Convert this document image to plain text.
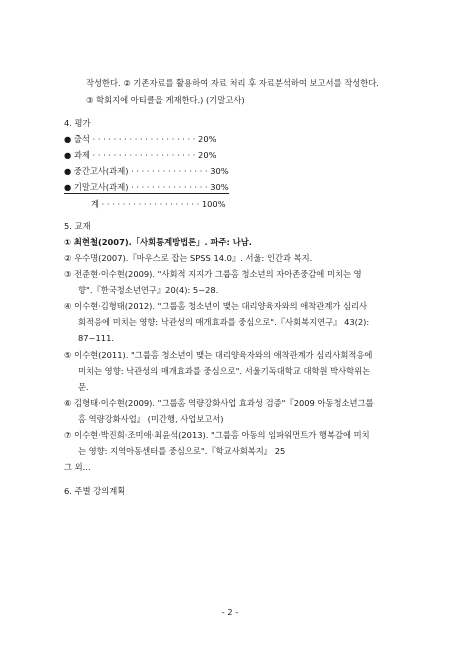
작성한다. ② 기존자료를 활용하여 자료 처리 후 자료분석하여 보고서를 작성한다.
③ 학회지에 아티클을 게재한다.) (기말고사)
4. 평가
● 출석 · · · · · · · · · · · · · · · · · · · · 20%
● 과제 · · · · · · · · · · · · · · · · · · · · 20%
● 중간고사(과제) · · · · · · · · · · · · · · · 30%
● 기말고사(과제) · · · · · · · · · · · · · · · 30%
계 · · · · · · · · · · · · · · · · · · · 100%
5. 교재
① 최현철(2007).「사회통계방법론」. 파주: 나남.
② 우수명(2007).『마우스로 잡는 SPSS 14.0』. 서울: 인간과 복지.
③ 전준현·이수현(2009). "사회적 지지가 그룹홈 청소년의 자아존중감에 미치는 영
향".『한국청소년연구』20(4): 5~28.
④ 이수현·김형태(2012). "그룹홈 청소년이 맺는 대리양육자와의 애착관계가 심리사
회적응에 미치는 영향: 낙관성의 매개효과를 중심으로".『사회복지연구』 43(2):
87~111.
⑤ 이수현(2011). "그룹홈 청소년이 맺는 대리양육자와의 애착관계가 심리사회적응에
미치는 영향: 낙관성의 매개효과를 중심으로". 서울기독대학교 대학원 박사학위논
문.
⑥ 김형태·이수현(2009). "그룹홈 역량강화사업 효과성 검증"『2009 아동청소년그룹
홈 역량강화사업』 (미간행, 사업보고서)
⑦ 이수현·박진희·조미애·최윤석(2013). "그룹홈 아동의 임파워먼트가 행복감에 미치
는 영향: 지역아동센터를 중심으로".『학교사회복지』 25
그 외...
6. 주별 강의계획
- 2 -
